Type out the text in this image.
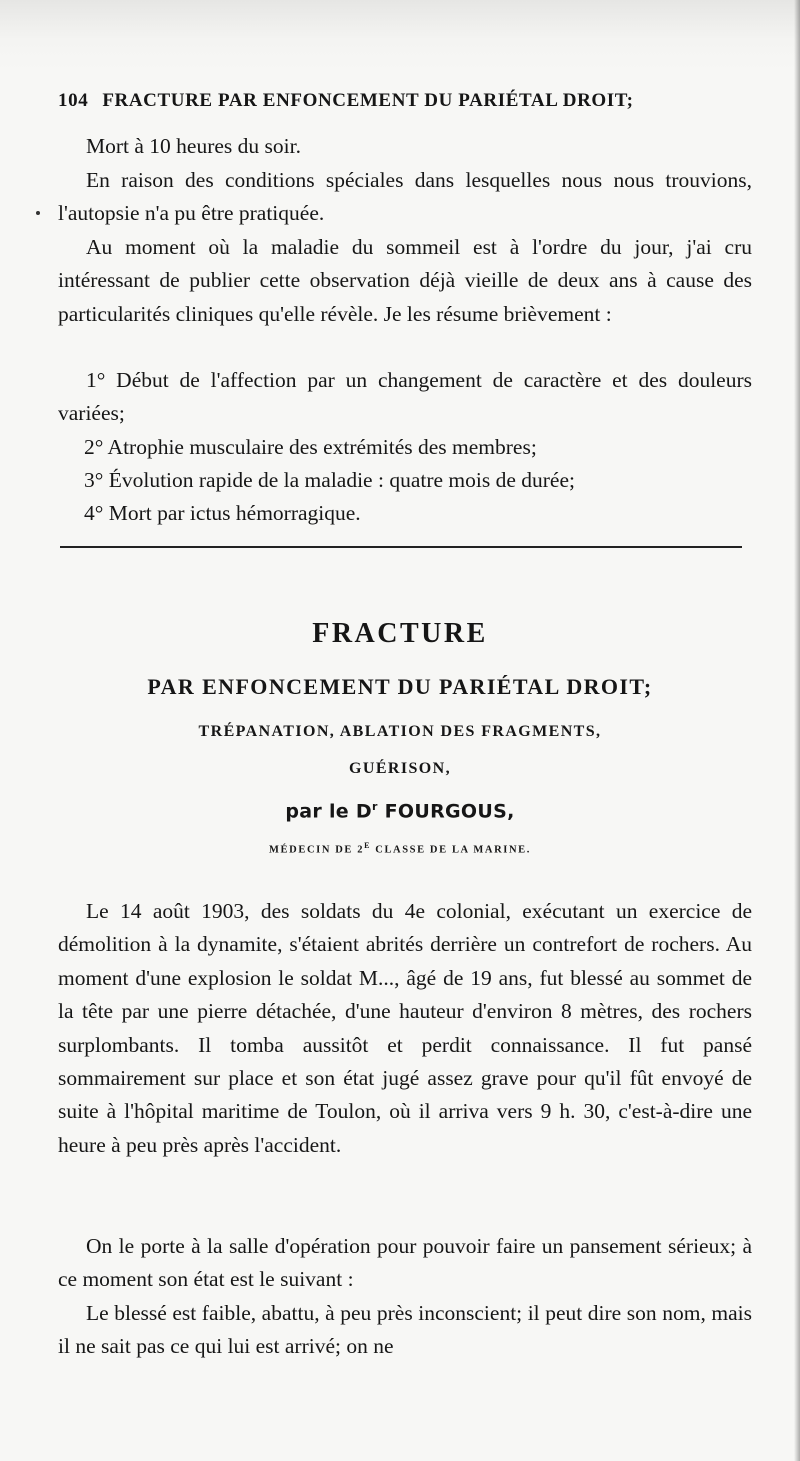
104 FRACTURE PAR ENFONCEMENT DU PARIÉTAL DROIT;

Mort à 10 heures du soir.

En raison des conditions spéciales dans lesquelles nous nous trouvions, l'autopsie n'a pu être pratiquée.

Au moment où la maladie du sommeil est à l'ordre du jour, j'ai cru intéressant de publier cette observation déjà vieille de deux ans à cause des particularités cliniques qu'elle révèle. Je les résume brièvement :

1° Début de l'affection par un changement de caractère et des douleurs variées;

2° Atrophie musculaire des extrémités des membres;

3° Évolution rapide de la maladie : quatre mois de durée;

4° Mort par ictus hémorragique.

FRACTURE

PAR ENFONCEMENT DU PARIÉTAL DROIT;

TRÉPANATION, ABLATION DES FRAGMENTS,

GUÉRISON,

par le $D^r$ FOURGOUS,

MÉDECIN DE $2^E$ CLASSE DE LA MARINE.

Le 14 août 1903, des soldats du 4e colonial, exécutant un exercice de démolition à la dynamite, s'étaient abrités derrière un contrefort de rochers. Au moment d'une explosion le soldat M..., âgé de 19 ans, fut blessé au sommet de la tête par une pierre détachée, d'une hauteur d'environ 8 mètres, des rochers surplombants. Il tomba aussitôt et perdit connaissance. Il fut pansé sommairement sur place et son état jugé assez grave pour qu'il fût envoyé de suite à l'hôpital maritime de Toulon, où il arriva vers 9 h. 30, c'est-à-dire une heure à peu près après l'accident.

On le porte à la salle d'opération pour pouvoir faire un pansement sérieux; à ce moment son état est le suivant :

Le blessé est faible, abattu, à peu près inconscient; il peut dire son nom, mais il ne sait pas ce qui lui est arrivé; on ne
